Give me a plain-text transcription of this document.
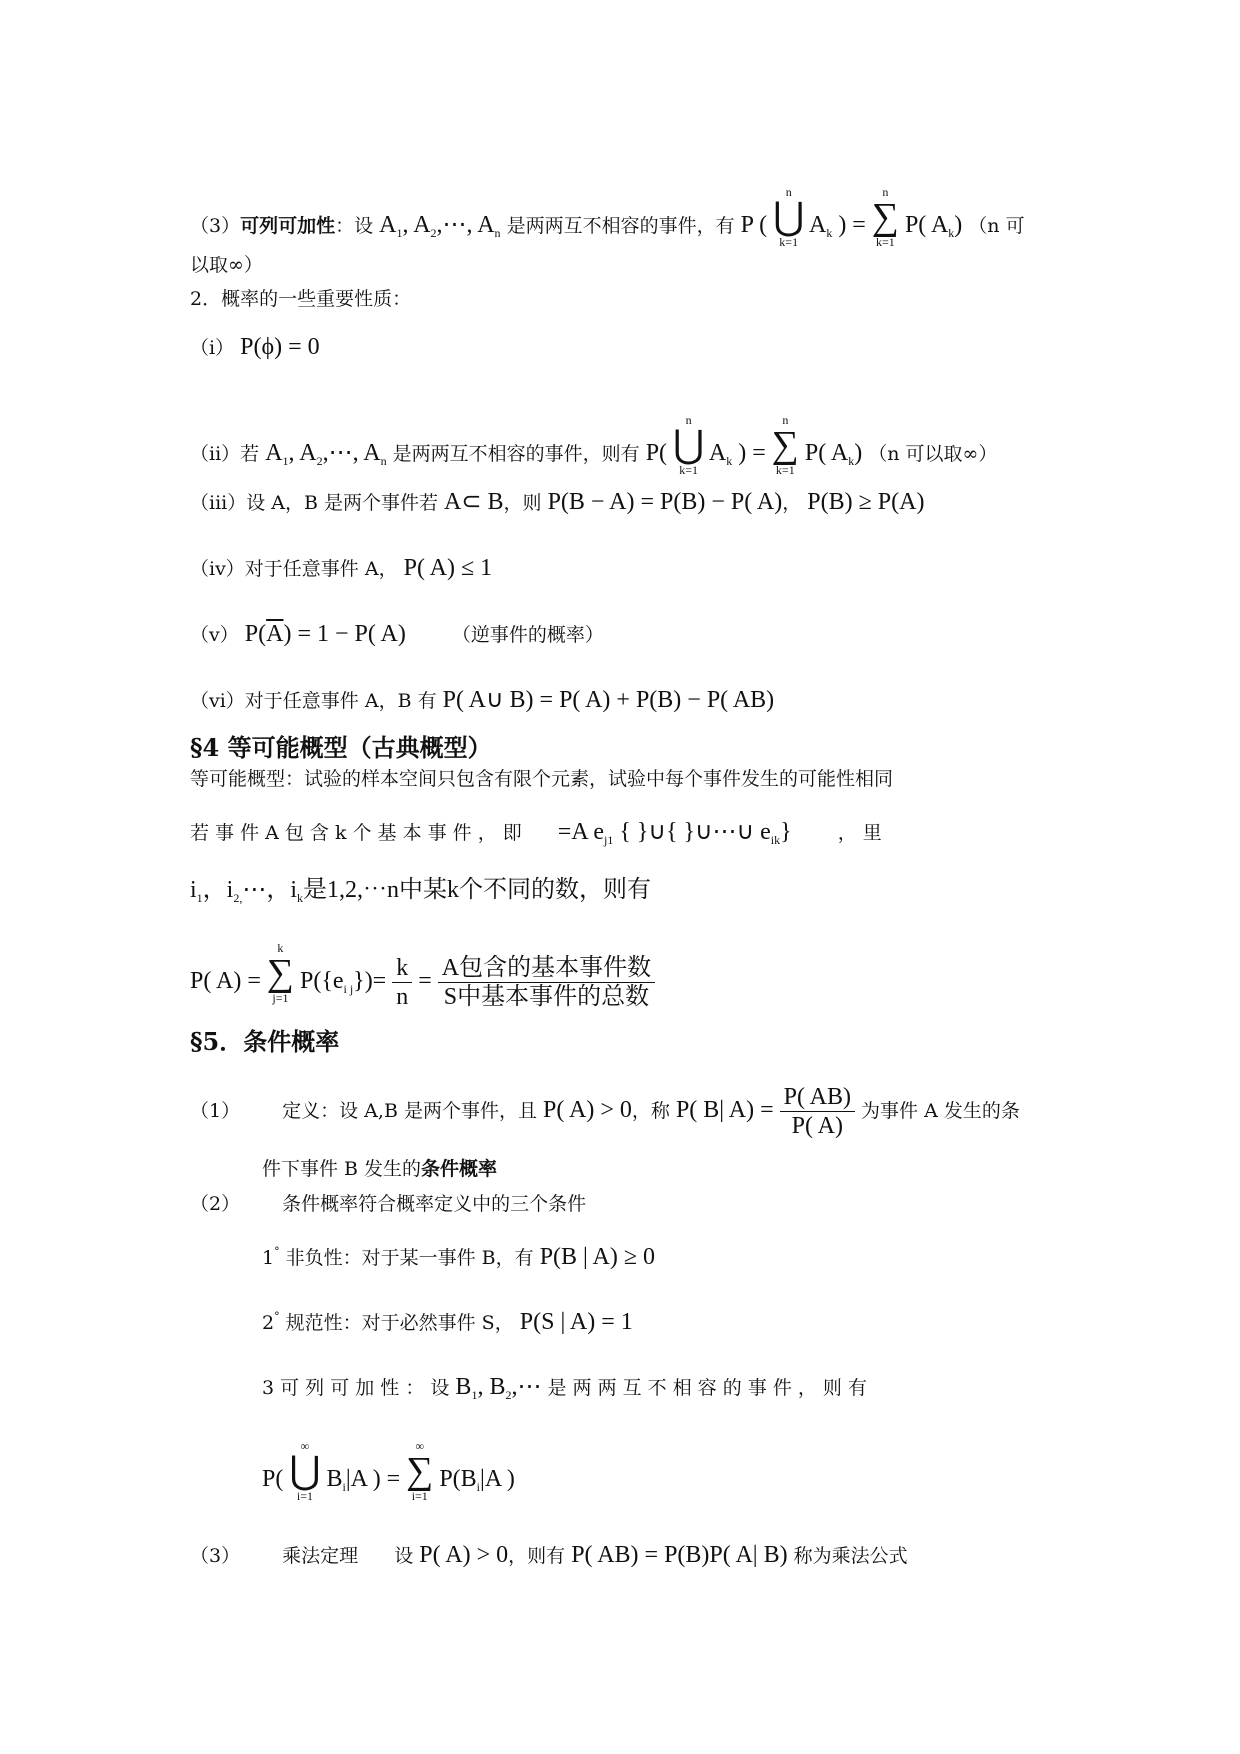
（3）可列可加性：设 $A_1$, $A_2,\cdots$, $A_n$ 是两两互不相容的事件，有 P (
n
⋃
k=1
$A_k$ ) =
n
∑
k=1
P( $A_k$) （n 可
以取∞）
2．概率的一些重要性质：
（i） P(ϕ) = 0
（ii）若 $A_1$, $A_2,\cdots$, $A_n$ 是两两互不相容的事件，则有 P(
n
⋃
k=1
$A_k$ ) =
n
∑
k=1
P( $A_k$) （n 可以取∞）
（iii）设 A，B 是两个事件若 A⊂ B，则 P(B − A) = P(B) − P( A)， P(B) ≥ P(A)
（iv）对于任意事件 A， P( A) ≤ 1
（v） $P(\overline{A}) = 1 - P$( A) （逆事件的概率）
（vi）对于任意事件 A，B 有 P( A∪ B) = P( A) + P(B) − P( AB)
§4 等可能概型（古典概型）
等可能概型：试验的样本空间只包含有限个元素，试验中每个事件发生的可能性相同
若 事 件 A 包 含 k 个 基 本 事 件 ， 即 =A $e_{j1}$ { }∪{ }∪⋯∪ $e_{ik}$} ， 里
$i_1$，$i_{2,}\cdots$，$i_k$是1,2,⋯n中某k个不同的数，则有
P( A) =
k
∑
j=1
$P(\{e_{i j}\})= \frac{k}{n} = \frac{\text{A包含的基本事件数}}{\text{S中基本事件的总数}}$
§5．条件概率
（1） 定义：设 A,B 是两个事件，且 P( A) > 0，称 P( B| $A) = \frac{P( AB)}{P( A)}$ 为事件 A 发生的条
件下事件 B 发生的条件概率
（2） 条件概率符合概率定义中的三个条件
1° 非负性：对于某一事件 B，有 P(B | A) ≥ 0
2° 规范性：对于必然事件 S， P(S | A) = 1
3 可 列 可 加 性 ： 设 $B_1$, $B_2,\cdots$ 是 两 两 互 不 相 容 的 事 件 ， 则 有
P(
∞
⋃
i=1
$B_i|A$ ) =
∞
∑
i=1
$P(B_i|A$ )
（3） 乘法定理 设 P( A) > 0，则有 P( AB) = P(B)P( A| B) 称为乘法公式
